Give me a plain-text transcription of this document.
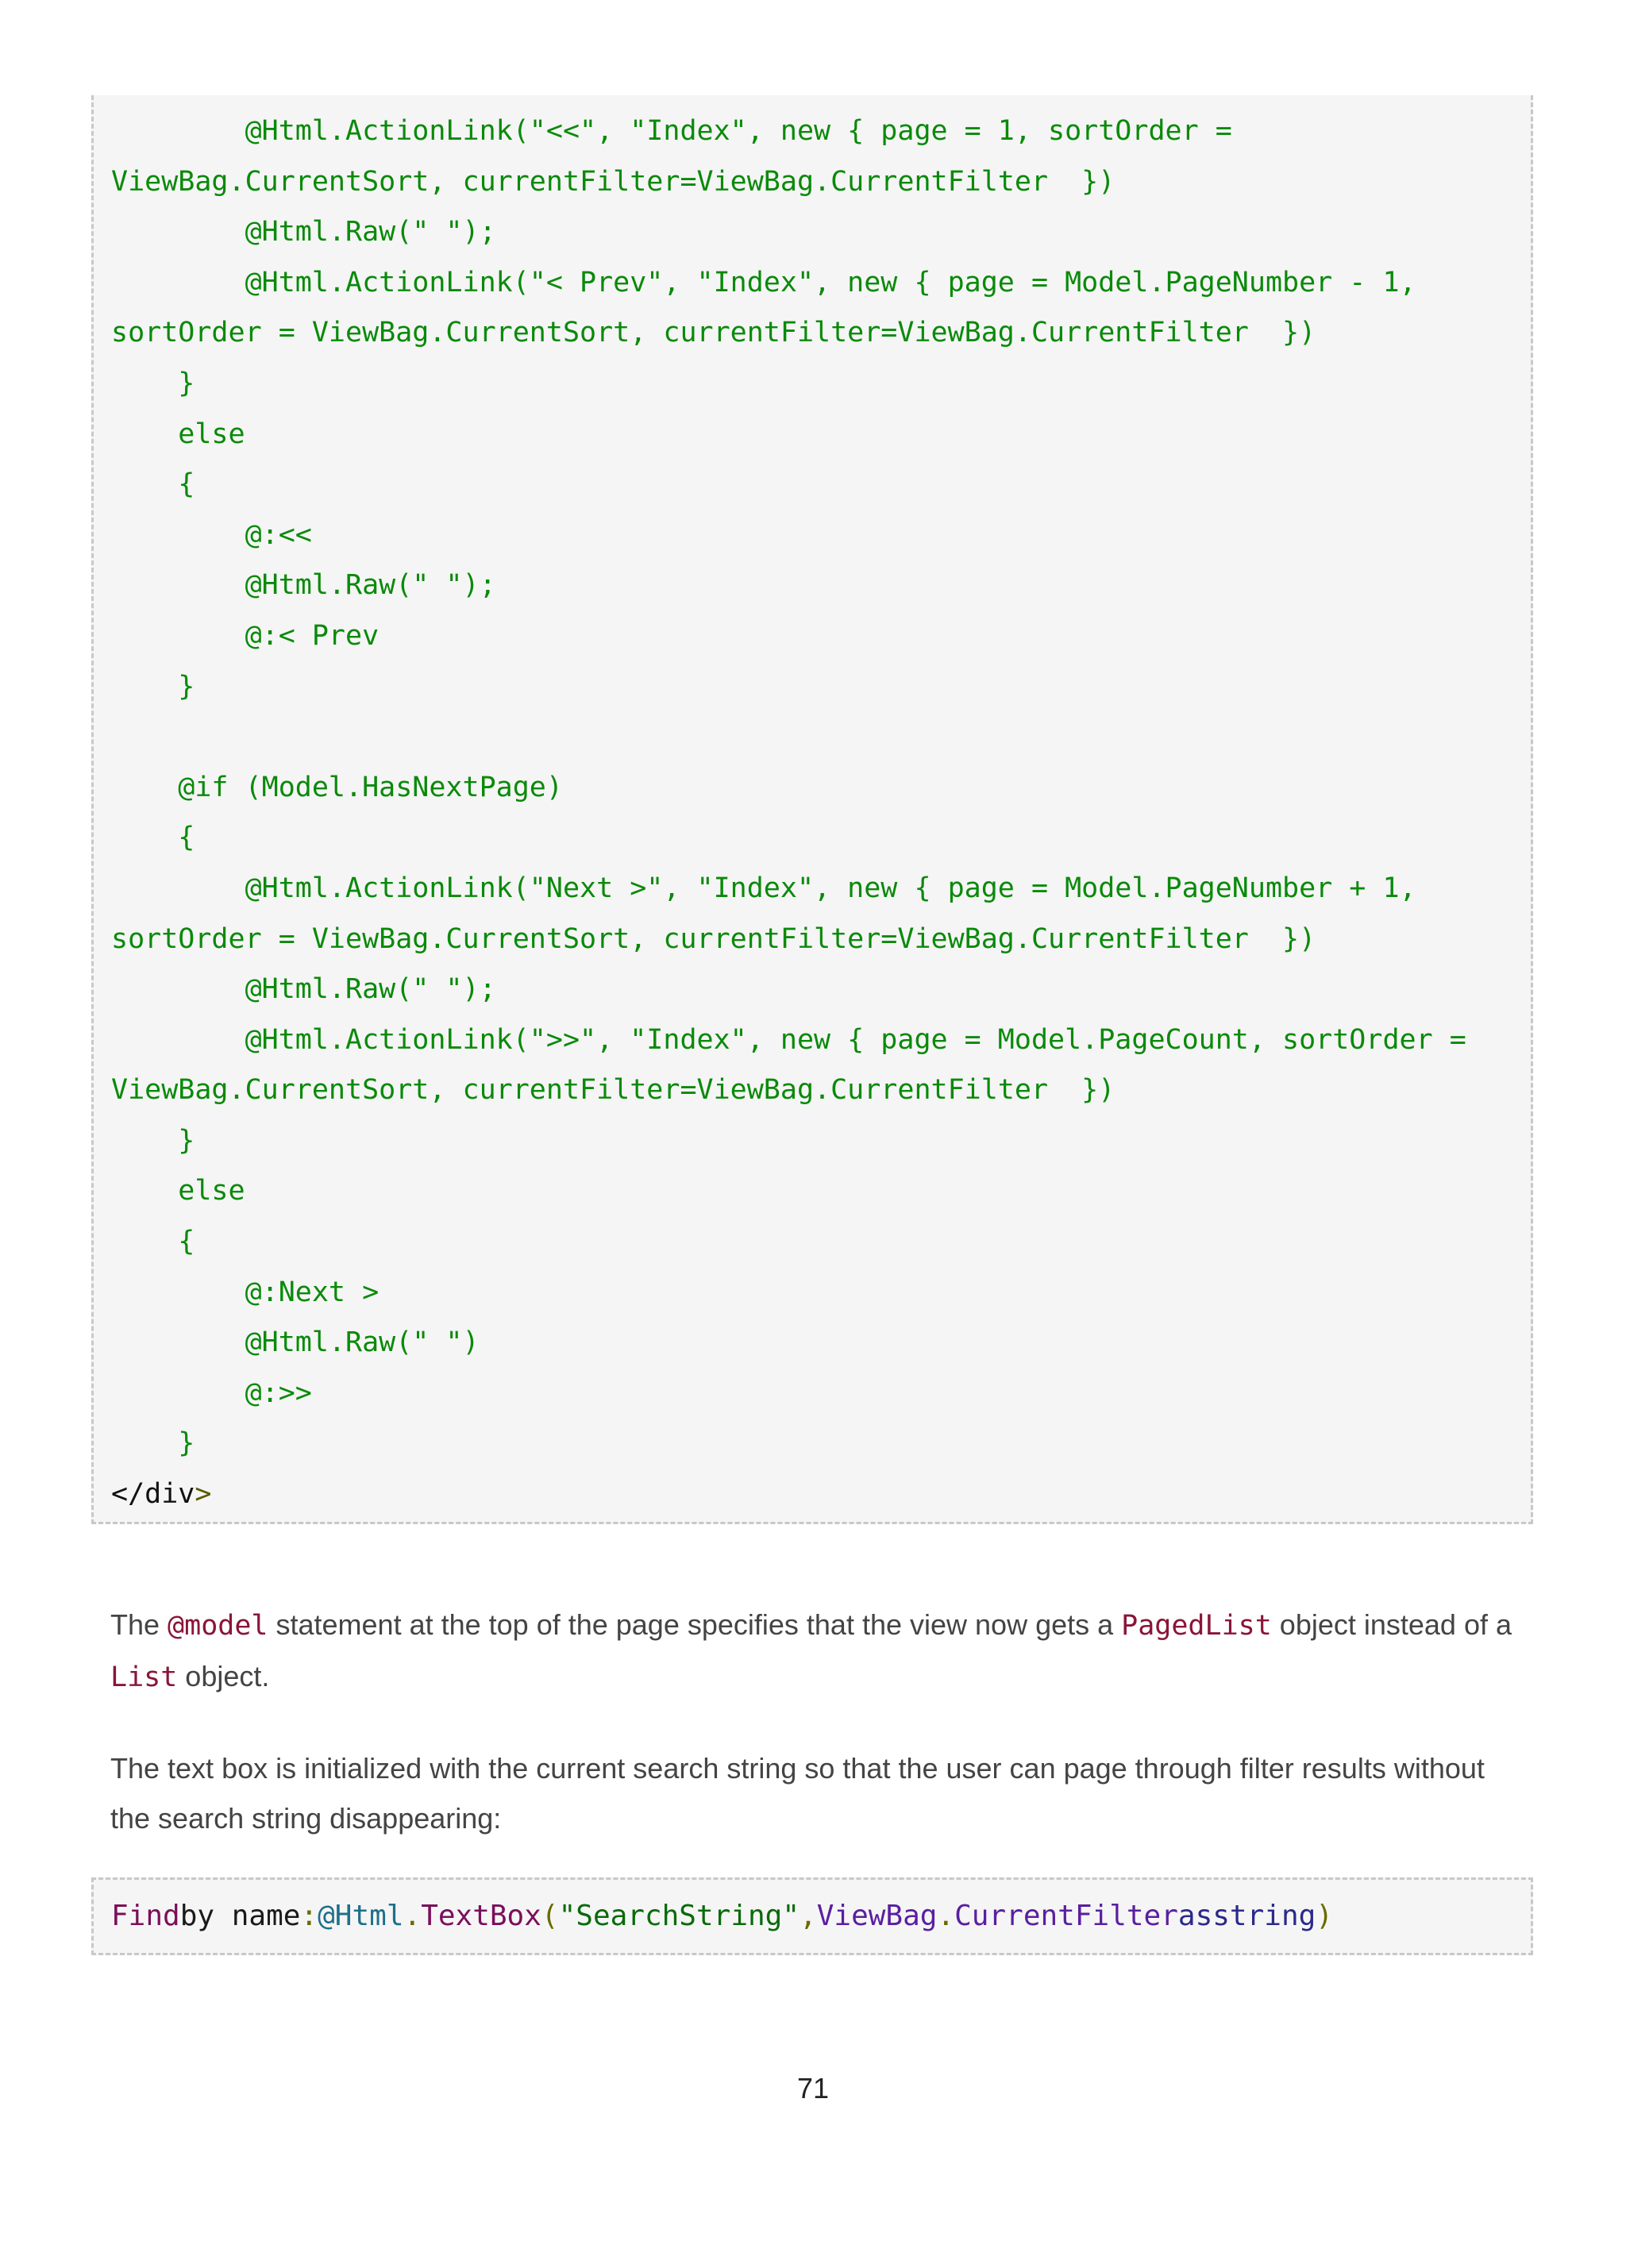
@Html.ActionLink("<<", "Index", new { page = 1, sortOrder =
ViewBag.CurrentSort, currentFilter=ViewBag.CurrentFilter  })
@Html.Raw(" ");
@Html.ActionLink("< Prev", "Index", new { page = Model.PageNumber - 1,
sortOrder = ViewBag.CurrentSort, currentFilter=ViewBag.CurrentFilter  })
}
else
{
@:<<
@Html.Raw(" ");
@:< Prev
}
@if (Model.HasNextPage)
{
@Html.ActionLink("Next >", "Index", new { page = Model.PageNumber + 1,
sortOrder = ViewBag.CurrentSort, currentFilter=ViewBag.CurrentFilter  })
@Html.Raw(" ");
@Html.ActionLink(">>", "Index", new { page = Model.PageCount, sortOrder =
ViewBag.CurrentSort, currentFilter=ViewBag.CurrentFilter  })
}
else
{
@:Next >
@Html.Raw(" ")
@:>>
}
</div>
The @model statement at the top of the page specifies that the view now gets a PagedList object instead of a List object.
The text box is initialized with the current search string so that the user can page through filter results without the search string disappearing:
Findby name:@Html.TextBox("SearchString",ViewBag.CurrentFilterasstring)
71
